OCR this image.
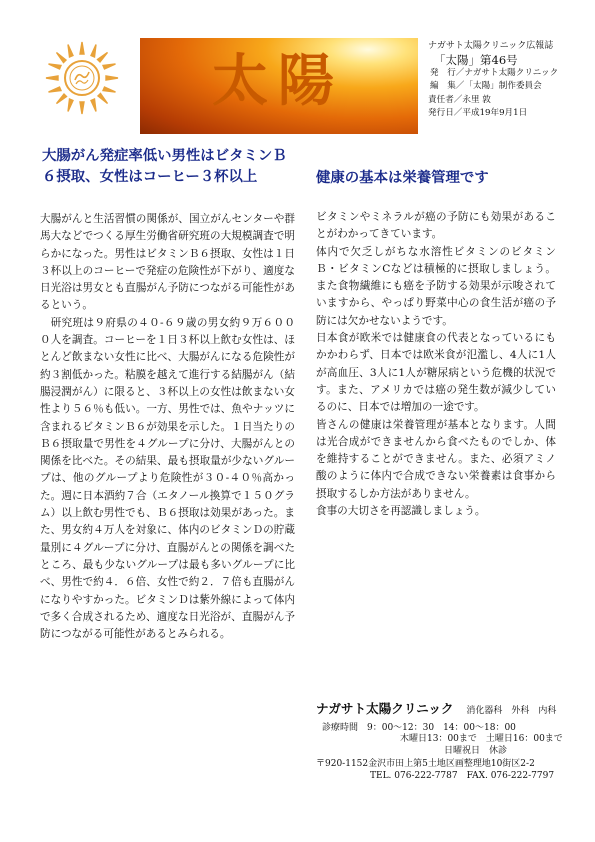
太陽
ナガサト太陽クリニック広報誌
「太陽」第46号
発　行／ナガサト太陽クリニック
編　集／「太陽」制作委員会
責任者／永里 敦
発行日／平成19年9月1日
大腸がん発症率低い男性はビタミンＢ
６摂取、女性はコーヒー３杯以上	健康の基本は栄養管理です

大腸がんと生活習慣の関係が、国立がんセンターや群馬大などでつくる厚生労働省研究班の大規模調査で明らかになった。男性はビタミンＢ６摂取、女性は１日３杯以上のコーヒーで発症の危険性が下がり、適度な日光浴は男女とも直腸がん予防につながる可能性があるという。

研究班は９府県の４０-６９歳の男女約９万６０００人を調査。コーヒーを１日３杯以上飲む女性は、ほとんど飲まない女性に比べ、大腸がんになる危険性が約３割低かった。粘膜を越えて進行する結腸がん（結腸浸潤がん）に限ると、３杯以上の女性は飲まない女性より５６％も低い。一方、男性では、魚やナッツに含まれるビタミンＢ６が効果を示した。１日当たりのＢ６摂取量で男性を４グループに分け、大腸がんとの関係を比べた。その結果、最も摂取量が少ないグループは、他のグループより危険性が３０-４０％高かった。週に日本酒約７合（エタノール換算で１５０グラム）以上飲む男性でも、Ｂ６摂取は効果があった。また、男女約４万人を対象に、体内のビタミンＤの貯蔵量別に４グループに分け、直腸がんとの関係を調べたところ、最も少ないグループは最も多いグループに比べ、男性で約４．６倍、女性で約２．７倍も直腸がんになりやすかった。ビタミンＤは紫外線によって体内で多く合成されるため、適度な日光浴が、直腸がん予防につながる可能性があるとみられる。

ビタミンやミネラルが癌の予防にも効果があることがわかってきています。

体内で欠乏しがちな水溶性ビタミンのビタミンＢ・ビタミンCなどは積極的に摂取しましょう。また食物繊維にも癌を予防する効果が示唆されていますから、やっぱり野菜中心の食生活が癌の予防には欠かせないようです。

日本食が欧米では健康食の代表となっているにもかかわらず、日本では欧米食が氾濫し、4人に1人が高血圧、3人に1人が糖尿病という危機的状況です。また、アメリカでは癌の発生数が減少しているのに、日本では増加の一途です。

皆さんの健康は栄養管理が基本となります。人間は光合成ができませんから食べたものでしか、体を維持することができません。また、必須アミノ酸のように体内で合成できない栄養素は食事から摂取するしか方法がありません。

食事の大切さを再認識しましょう。

ナガサト太陽クリニック 消化器科　外科　内科
診療時間　9：00～12：30　14：00～18：00
木曜日13：00まで　土曜日16：00まで
日曜祝日　休診
〒920-1152金沢市田上第5土地区画整理地10街区2-2
TEL. 076-222-7787　FAX. 076-222-7797
